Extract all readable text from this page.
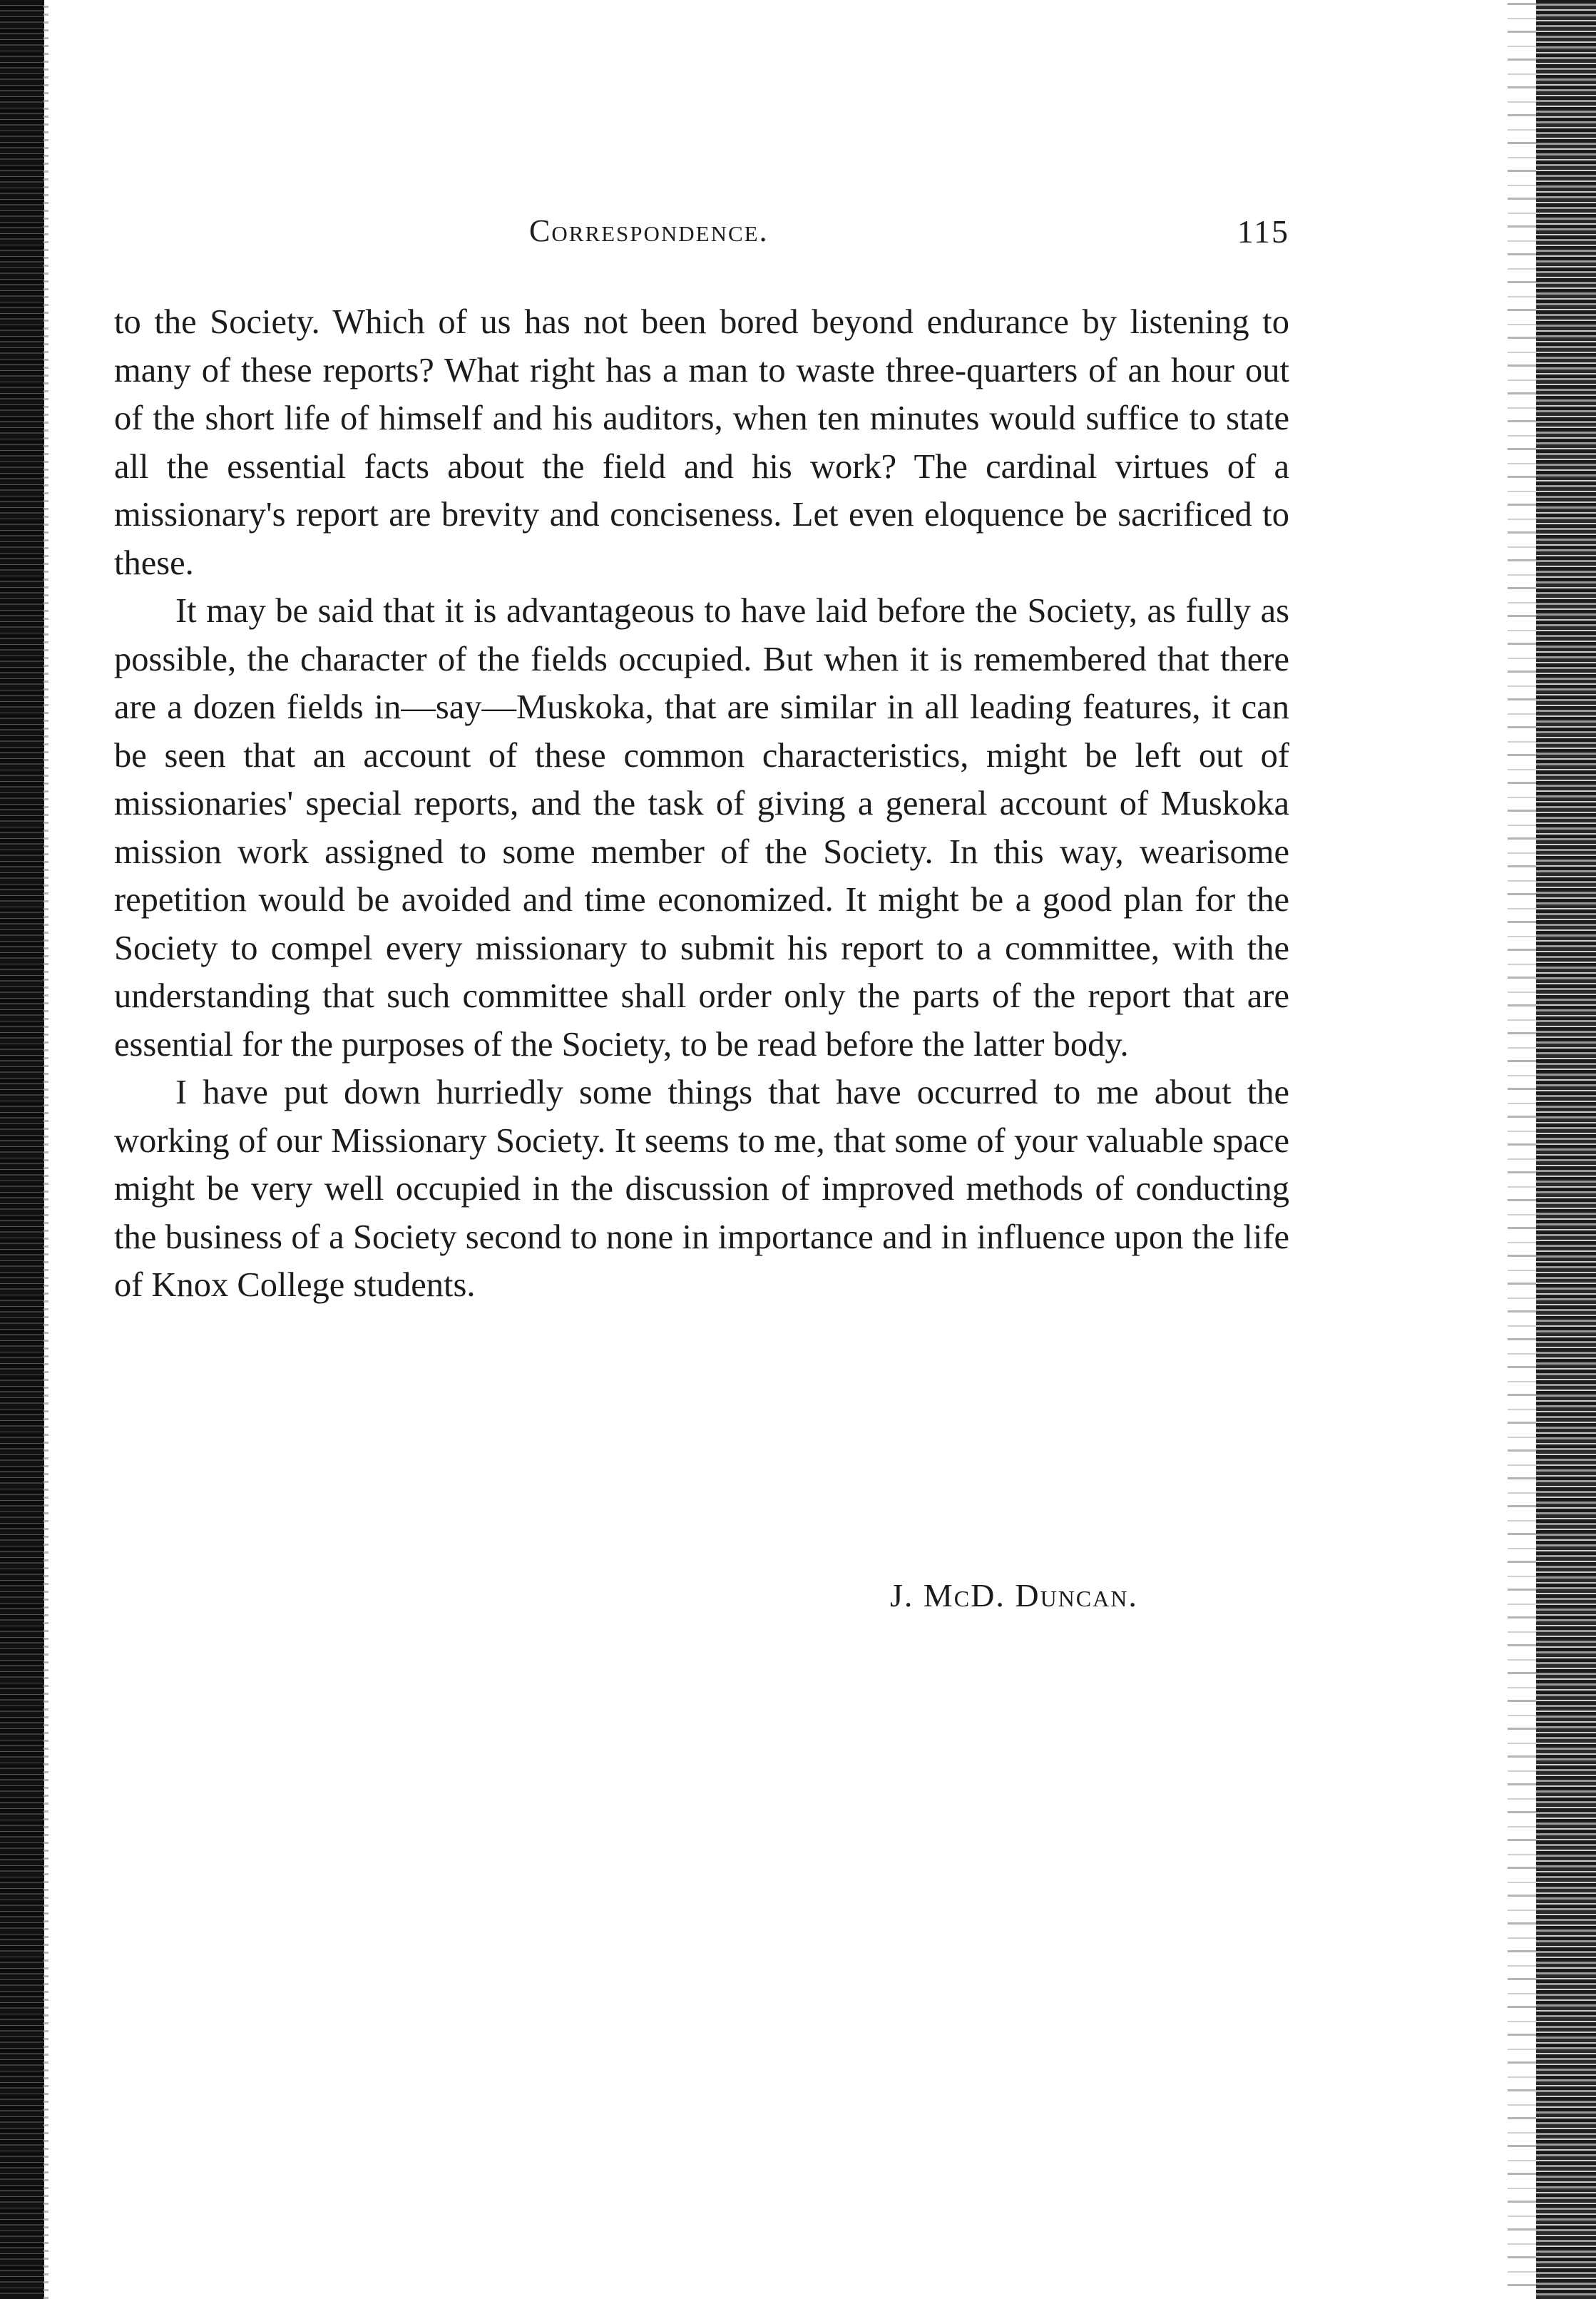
Correspondence.	115

to the Society. Which of us has not been bored beyond endurance by listening to many of these reports? What right has a man to waste three-quarters of an hour out of the short life of himself and his auditors, when ten minutes would suffice to state all the essential facts about the field and his work? The cardinal virtues of a missionary's report are brevity and conciseness. Let even eloquence be sacrificed to these.

It may be said that it is advantageous to have laid before the Society, as fully as possible, the character of the fields occupied. But when it is remembered that there are a dozen fields in—say—Muskoka, that are similar in all leading features, it can be seen that an account of these common characteristics, might be left out of missionaries' special reports, and the task of giving a general account of Muskoka mission work assigned to some member of the Society. In this way, wearisome repetition would be avoided and time economized. It might be a good plan for the Society to compel every missionary to submit his report to a committee, with the understanding that such committee shall order only the parts of the report that are essential for the purposes of the Society, to be read before the latter body.

I have put down hurriedly some things that have occurred to me about the working of our Missionary Society. It seems to me, that some of your valuable space might be very well occupied in the discussion of improved methods of conducting the business of a Society second to none in importance and in influence upon the life of Knox College students.

J. McD. Duncan.
